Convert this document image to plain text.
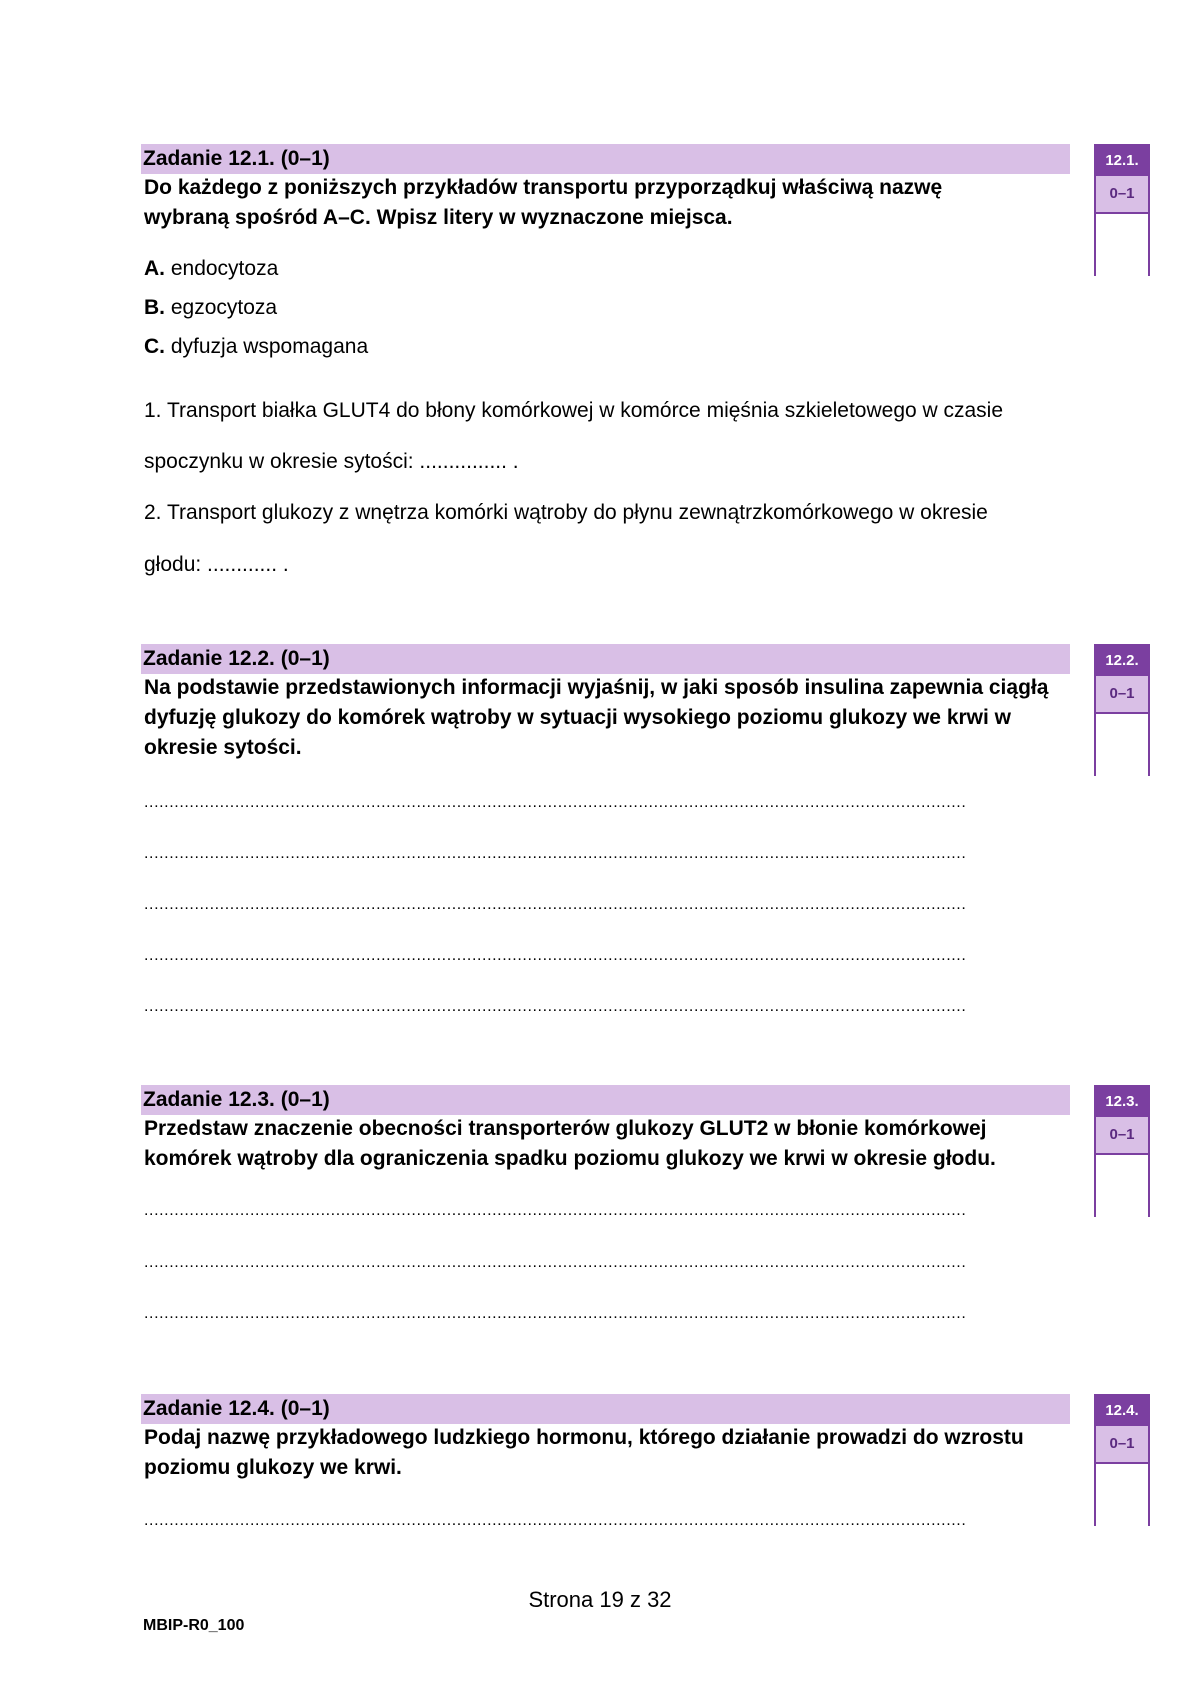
Zadanie 12.1. (0–1)
Do każdego z poniższych przykładów transportu przyporządkuj właściwą nazwę wybraną spośród A–C. Wpisz litery w wyznaczone miejsca.
12.1.
0–1
A. endocytoza
B. egzocytoza
C. dyfuzja wspomagana
1. Transport białka GLUT4 do błony komórkowej w komórce mięśnia szkieletowego w czasie
spoczynku w okresie sytości: ............... .
2. Transport glukozy z wnętrza komórki wątroby do płynu zewnątrzkomórkowego w okresie
głodu: ............ .
Zadanie 12.2. (0–1)
Na podstawie przedstawionych informacji wyjaśnij, w jaki sposób insulina zapewnia ciągłą dyfuzję glukozy do komórek wątroby w sytuacji wysokiego poziomu glukozy we krwi w okresie sytości.
12.2.
0–1
...................................................................................................................................................................
...................................................................................................................................................................
...................................................................................................................................................................
...................................................................................................................................................................
...................................................................................................................................................................
Zadanie 12.3. (0–1)
Przedstaw znaczenie obecności transporterów glukozy GLUT2 w błonie komórkowej komórek wątroby dla ograniczenia spadku poziomu glukozy we krwi w okresie głodu.
12.3.
0–1
...................................................................................................................................................................
...................................................................................................................................................................
...................................................................................................................................................................
Zadanie 12.4. (0–1)
Podaj nazwę przykładowego ludzkiego hormonu, którego działanie prowadzi do wzrostu poziomu glukozy we krwi.
12.4.
0–1
...................................................................................................................................................................
Strona 19 z 32
MBIP-R0_100
